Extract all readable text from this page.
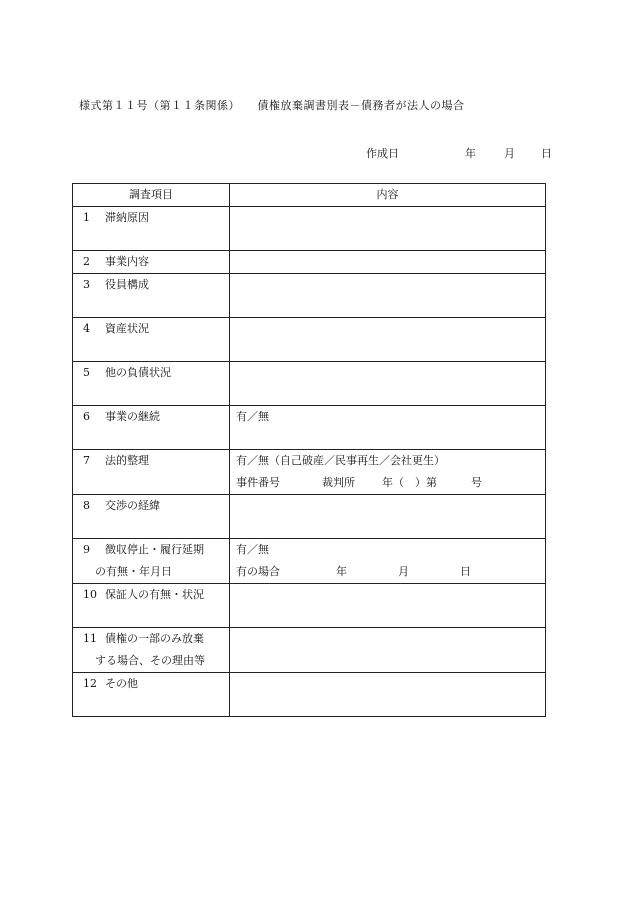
様式第１１号（第１１条関係）　　債権放棄調書別表－債務者が法人の場合
作成日	年	月 日
調査項目	内容
1 滞納原因	
2 事業内容	
3 役員構成	
4 資産状況	
5 他の負債状況	
6 事業の継続	有／無

7 法的整理	有／無（自己破産／民事再生／会社更生）
事件番号 裁判所 年（　）第 号

8 交渉の経緯	

9 徴収停止・履行延期
の有無・年月日	有／無
有の場合 年 月 日

10 保証人の有無・状況	

11 債権の一部のみ放棄
する場合、その理由等	

12 その他	
